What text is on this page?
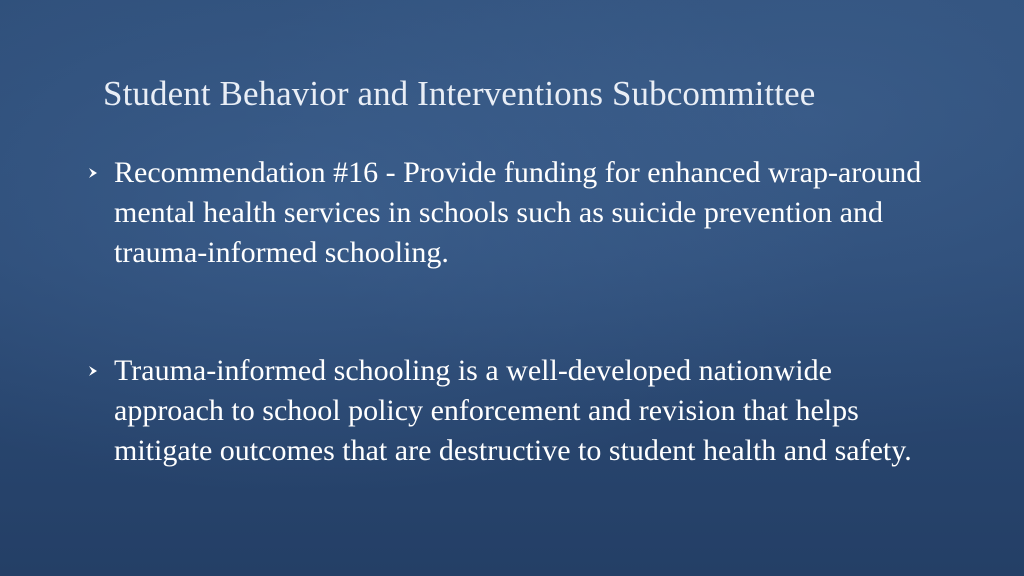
Student Behavior and Interventions Subcommittee
Recommendation #16 - Provide funding for enhanced wrap-around mental health services in schools such as suicide prevention and trauma-informed schooling.
Trauma-informed schooling is a well-developed nationwide approach to school policy enforcement and revision that helps mitigate outcomes that are destructive to student health and safety.
